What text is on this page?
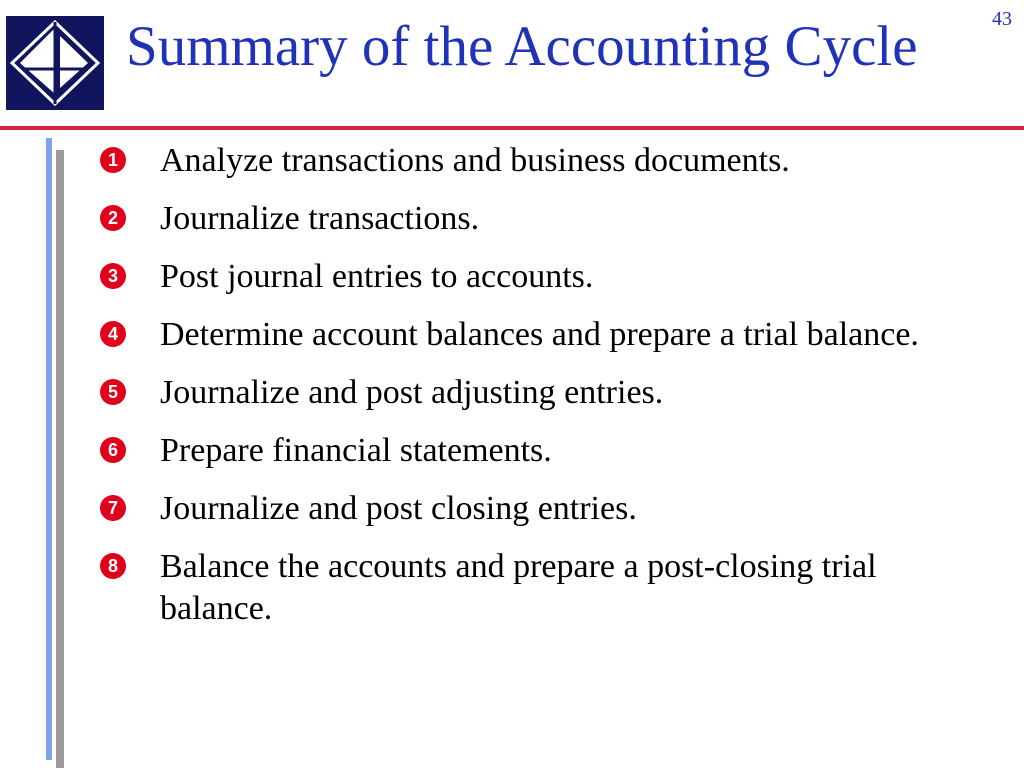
Summary of the Accounting Cycle	43
1 Analyze transactions and business documents.
2 Journalize transactions.
3 Post journal entries to accounts.
4 Determine account balances and prepare a trial balance.
5 Journalize and post adjusting entries.
6 Prepare financial statements.
7 Journalize and post closing entries.
8 Balance the accounts and prepare a post-closing trial balance.
